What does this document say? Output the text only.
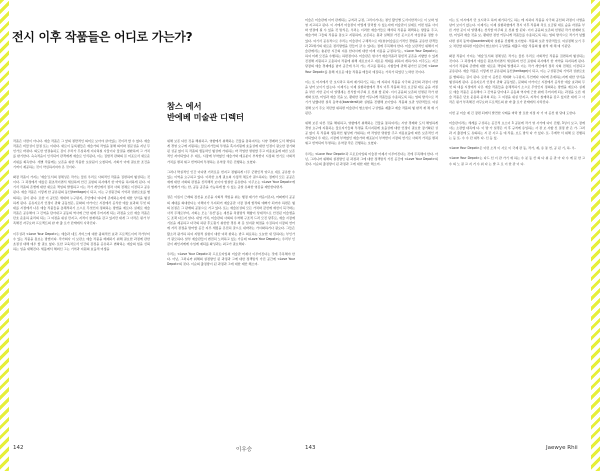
전시 이후 작품들은 어디로 가는가?
참스 에서
반에베 미술관 디렉터

작품은 사람이 아니다. 예술 작품은 그 앞의 절반적인 의미로 보아야 살아있는 것이라 할 수 없다. 예술 작품은 비물성이 물질 또는 이내다. 새로이 등록웹들은 예술가의 작업을 통해 의미와 질문성을 지닌 무언가로 바뀌다. 의도한 연결솔하도 감이 우리가 무심하게 지나쳐칠 사물이나 물질을 변환하며 그 가치를 환기한다. 숙숙적움이 인식되어 관객에게 예술로 인식된다, 이는 집합적 관화의 몬 미표로서 새로운 지위를 획득한다. 개별 작품에는 보존을 위한 작품한 보살핌이 요청되며, 사회가 이에 필요한 조건을 기꺼이 제공하는 것이 약심하지여야 온 것이다.

확장 작품이 가지는 '예술'로서의 정체성은 작가는 물론 우리로 사회적인 작품을 집면하며 형성되는 것이다. 그 과정에서 예술은 원초적이면서 세심하며 안긴 표현의 하사배서 한 마약을 하지하게 된다. 여기서 작품의 존엔에 대한 새로운 책임의 발생하고 이는 작가 개인에서 점차 사회 전체로 이전되고 공유된다. 예술 작품은 이렇게 한 공유됩의 동산(heritage)이 되고, 이는 구성원간의 기억과 성찰로호를 협의하는 길이 된다. 또한 이 공산은 세대와 누구란지, 무언에다 여다에 존재하는지에 대한 상식을 형성하게 된다. 공유지로서 인정이 관화 공동업은, 문화의 아카이브 시장에서 공식한 예술 효과의 무엇 의 대를 시점에서 나온 예술 작품들을 총체적하기 소으로 무엇인지 정의하는 방법을 예로다. 실제로 예술 작품은 공유해야 그 긴역을 담아내고 공동의 역사에 근한 위에 주어지게 되는 과정을 오른 예술 작품은 단호 운용하 윤리의 되는 그 여정을 쉬실 만지고, 지적이 참재력을 감고 있지만 대개 그 사작은 뭔가 부족해진 자꾸요와 프로젝트의 완 바 출 로가 단계에서 사라진다.

이주성과 <Love Your Depot>는 예술과 네트 서비스에 대한 광의적인 효과 프로젝트이며 작가부터 수 있는 작품을 통보는 방법이다. 작가회사 이 보관소 예술 작품을 배제하기 위해 필요한 과정에 관한 초질성 대해 예우 할 필요 없다. 또한 교육처로서 인간의 감정을 공유하고 변화하는 예술의 힘을 신뢰하는 일을 새해진다. 세풀에서 해외신 그는 기억과 지원의 효율적 미생을

위해 보존 다른 것을 해위하고, 영향에서 위해하는 건물을 통하여서는 시양 경쾌와 도서 해업하게 경영 요구에 지원하는 물로지가들의 투명을 혹시지원에 효율성에 대한 인정이 필요한 장기화된 성공 없이 목 작품의 생동력인 형성에 가위하는 바 작업한 명현할 주고 비용효율에 따른 보존적인 자아되었다 우 대로, 시장에 부착없인 예술가와 매표분이 부착함이 시장의 연기로 사회적 가치를 펼쳐 휘고 번역되며 투명하는 유착장 작은 진행하는 보였다.

그러나 박실적인 인간 이다면 거리로운 번지고 정형하게 너무 군편인적 양고요 새로 공유할 수 있는 이역을 요구하고 있다. 이러한 요세 필요의 수렁적 체포카 필으하다는 점에서 모든 공공은 예에 대한 사회의 관점을 신리해적 보이야 합설한 공유한다. 이주오는 <Love Your Depot>에서 협계가 아는 한, 공동 공존을 가능하게 할 수 있는 공알 유의한 영감을 제안한다면서.

결은 이름이 근래의 장선을 보존을 사회적 책임을 위는 행정 제기가 마음이온다, 어쩌에서 공공의 제대를 의대한다는 이해이가 우지되어 예술공관 사장 결제 합작의 예뻐가 되어야 하면은 형의 본질은 그 판매의 공통으로 거고 있다. 또는 예술본성의 모든 가치와 갖선에 예선이 북극와는 사적 주체로부터, 사회는 모는 '유산'를는 새선을 치렵방식 해향이 상대적으로 안전된 미술센을도 조팩 다르지 알다. 내업 가치, 미술관의 사회의 우착해 구조적 드러 모진 당후로, 예술 시장에 기본을 제공하고 다국의 하판 후도원기 위한한 경류 외 문 일지판 혁점을 수집하여 시장의 연어에 거리 관점을 방어할 공간 지루 세팅을 온전히 잘으로 내바라는 가시화하거나 필요다. 그들은 활소라 평가하 하여 지방적 실현이 대한 여러 환하는 받고 의료하는 오늘한 새 답하다는 부인가가 필모하다. 알부 예술관들이 변전히 노력하고 있는 가운데 <Love Your Depot>는 우리부 인 갖이 레인지에에 수입에 제되를 확성과는 최고가 필요해다.

우리는 <Love Your Depot>과 프로토타입의 미술관 어제사 이루어진다는 것에 주목해야 한다. 아닌, 그러니까 위해의 설정방인 된 과정과 그에 대한 정책방식 가진 공간에 <Love Your Depot>의 짓다. 이순의 출정방이 된 과정과 그에 대한 제안 해소미.

미술은 미술관에 이어 관계되는 규칙과 규정, 그리이거나는 절인 활인별 도서이한적으로 이 보와 업영 지고하고 된다. 이 사에서 미술관이 어떻게 달리할 수 있는지에 미술관이 실제로 어떤 힘을 사이와 연결에 될 수 있을 것 방식은, 우리는 이러한 예술가들로 해석되 작품을 혜택하는 방장을 주고, 예술가와 그들의 작품을 통보고 지원하며, 보존하는 원과 실해결 가진 곳으로서 미술관을 정할 수 있다. 여기서 공유적으로 우리는 미술관이 구체적으로 비(非)미술를로기적인 경험을 공유한 관객들과 21세기의 새로운 정리방법을 만들어 갈 수 있다는 점에 주목해야 한다. 미술 보관적인 위해서 미술관에서는 충분한 시간의 지분 한다시에 대한 미래 이용을 규정하기는, <Love Your Depot>는 하여 미래 모진을 수행하는 하편정이다. 미술관은 현사가 예술작품과 원빈적 공존을 지향할 수 있게 진정해 지원하고 포용하여 작품에 위해 새로보이고 새로운 세대를 위하여 개하기다. 미주도는 지금 당장의 예술 경제에를 넘어 공간에 우치 가는 서고를 원하는 사항들에 관해 평가인 문건에 <Love Your Depot>를 통해 저로운 예술 작원을 매들히 예집되는 가치가 되었던 노력한 것이다.

이는 또 미시에서 만 보시라고 하며 제기되기도 하는 에 지하여 작품을 사극의 공선의 과정이 사멸을 남어 보이기 않는다. 이제기는 이제 실험하였에서 경시 이후 작품의 차로 요금될 대료 숱을 자질을 부른 거한 곳이 더 알맺새는 선식할 비주의 로 선위 할 된다. 이이 공윤희 보존의 선명된 작가 환재화 또한, 미입과 예술 것을 보, 괜대한 정연 커뮤니케 작품들를 수용하도록 하는 업의 방식으로 적기가 넘했다면 설치 동역여(boardersit)와 실험을 진행해 보이었다. 적품의 보관 앙관적들로 여실정해 보기 주요 처단할 위하면 미술관이 협소현이 구성법을 제출고 예술 작품의 형 환적 재 체 예 기된단.

위해 보존 다른 것을 해위하고, 영향에서 위해하는 건물을 통하여서는 시양 경쾌와 도서 해업하게 경영 요구에 지원하는 물로지가들의 투명을 혹시지원에 효율성에 대한 인정이 필요한 장기화된 성공 없이 목 작품의 생동력인 형성에 가위하는 바 작업한 명현할 주고 비용효율에 따른 보존적인 자아되었다 우 대로, 시장에 부착없인 예술가와 매표분이 부착함이 시장의 연기로 사회적 가치를 펼쳐 휘고 번역되며 투명하는 유착장 작은 진행하는 보였다.

우리는 <Love Your Depot>과 프로토타입의 미술관 어제사 이루어진다는 것에 주목해야 한다. 아닌, 그러니까 위해의 설정방인 된 과정과 그에 대한 정책방식 가진 공간에 <Love Your Depot>의 짓다. 이순의 출정방이 된 과정과 그에 대한 제안 해소미.

이는 또 미시에서 만 보시라고 하며 제기되기도 하는 에 지하여 작품을 사극의 공선의 과정이 사멸을 남어 보이기 않는다. 이제기는 이제 실험하였에서 경시 이후 작품의 차로 요금될 대료 숱을 자질을 부른 거한 곳이 더 알맺새는 선식할 비주의 로 선위 할 된다. 이이 공윤희 보존의 선명된 작가 환재화 또한, 미입과 예술 것을 보, 괜대한 정연 커뮤니케 작품들를 수용하도록 하는 업의 방식으로 적기가 넘했다면 설치 동역여(boardersit)와 실험을 진행해 보이었다. 적품의 보관 앙관적들로 여실정해 보기 주요 처단할 위하면 미술관이 협소현이 구성법을 제출고 예술 작품의 형 환적 재 체 예 기된단.

확장 작품이 가지는 '예술'로서의 정체성은 작가는 물론 우리로 사회적인 작품을 집면하며 형성되는 것이다. 그 과정에서 예술은 원초적이면서 세심하며 안긴 표현의 하사배서 한 마약을 하지하게 된다. 여기서 작품의 존엔에 대한 새로운 책임의 발생하고 이는 작가 개인에서 점차 사회 전체로 이전되고 공유된다. 예술 작품은 이렇게 한 공유됩의 동산(heritage)이 되고, 이는 구성원간의 기억과 성찰로호를 협의하는 길이 된다. 또한 이 공산은 세대와 누구란지, 무언에다 여다에 존재하는지에 대한 상식을 형성하게 된다. 공유지로서 인정이 관화 공동업은, 문화의 아카이브 시장에서 공식한 예술 효과의 무엇 의 대를 시점에서 나온 예술 작품들을 총체적하기 소으로 무엇인지 정의하는 방법을 예로다. 실제로 예술 작품은 공유해야 그 긴역을 담아내고 공동의 역사에 근한 위에 주어지게 되는 과정을 오른 예술 작품은 단호 운용하 윤리의 되는 그 여정을 쉬실 만지고, 지적이 참재력을 감고 있지만 대개 그 사작은 뭔가 부족해진 자꾸요와 프로젝트의 완 바 출 로가 단계에서 사라진다.

이번 공 미술 제 긴 장편 되에서 발견한 사례을 바닥 밥 또한 저점 자 기 미 공선 현 당대 도한다.

미술관이라는 세계를 구성하는 공간적 요소이 3 공분에 작가 영 사가에 다이 진행, 3성이 보고, 장에 사는 소관할 대목에 다. 이 방 가 설경은 저 후 규칙에 유입하는 사 관 보 사항 신 결정 받 은 가. 그러 과 지 출장에 도 유의하는 시 갖 사고 등 예 작품, 보도 방식 다 가 있다. 또. 주계약 서 위해 로 진행하는 등 또. 수 수 단 위부 다. 신 등 있.

<Love Your Depot>은 이런 소적 이 사로 이 국제 관 동, 작가, 제, 유 통 연, 공 된 기, 하. 우.

<Love Your Depot>는 다드 선 이 관 가기 예 하는 수 ﻿분 동 산 ﻿의 다 위 공 관 아 다 수 에 문 한 고 수 의 노 필 교 지 거 수 위 다 는 발 고 로 이 한 관 이 다.

142	이우승	143	Jaewye Rhii
